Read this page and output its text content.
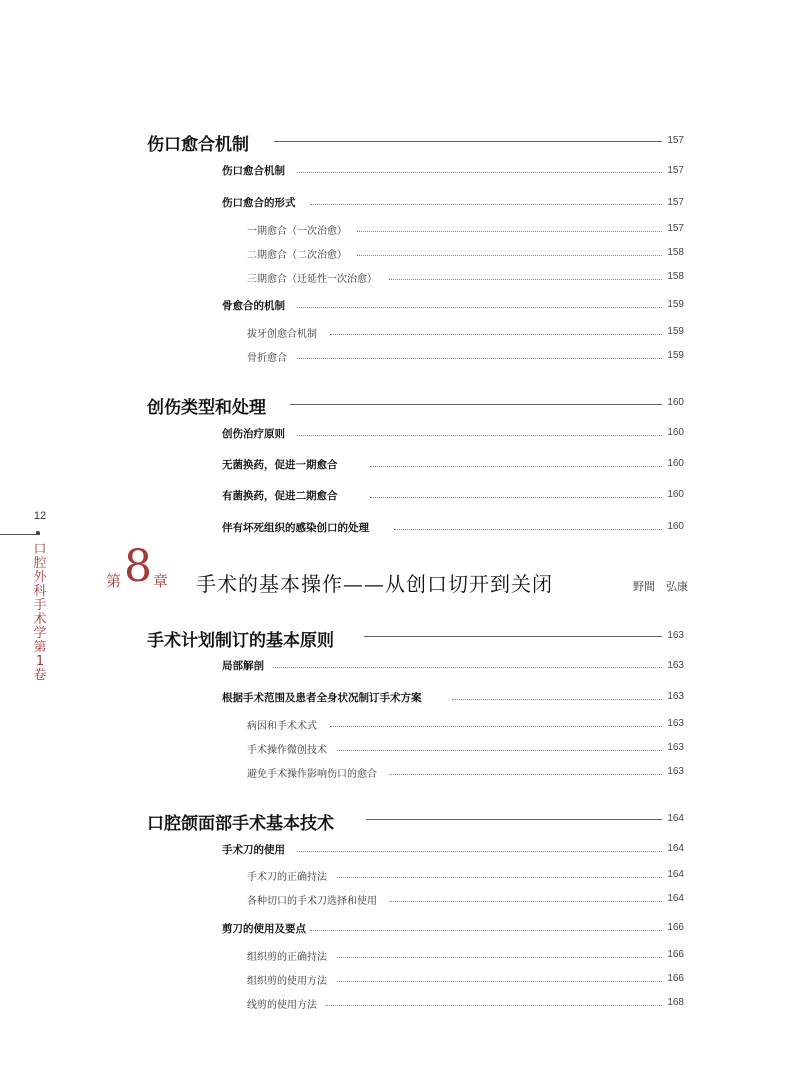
12
口腔外科手术学 第1卷
伤口愈合机制	157
伤口愈合机制	157
伤口愈合的形式	157
一期愈合（一次治愈）	157
二期愈合（二次治愈）	158
三期愈合（迁延性一次治愈）	158
骨愈合的机制	159
拔牙创愈合机制	159
骨折愈合	159
创伤类型和处理	160
创伤治疗原则	160
无菌换药，促进一期愈合	160
有菌换药，促进二期愈合	160
伴有坏死组织的感染创口的处理	160
第 8 章 手术的基本操作——从创口切开到关闭	野間　弘康
手术计划制订的基本原则	163
局部解剖	163
根据手术范围及患者全身状况制订手术方案	163
病因和手术术式	163
手术操作微创技术	163
避免手术操作影响伤口的愈合	163
口腔颌面部手术基本技术	164
手术刀的使用	164
手术刀的正确持法	164
各种切口的手术刀选择和使用	164
剪刀的使用及要点	166
组织剪的正确持法	166
组织剪的使用方法	166
线剪的使用方法	168
